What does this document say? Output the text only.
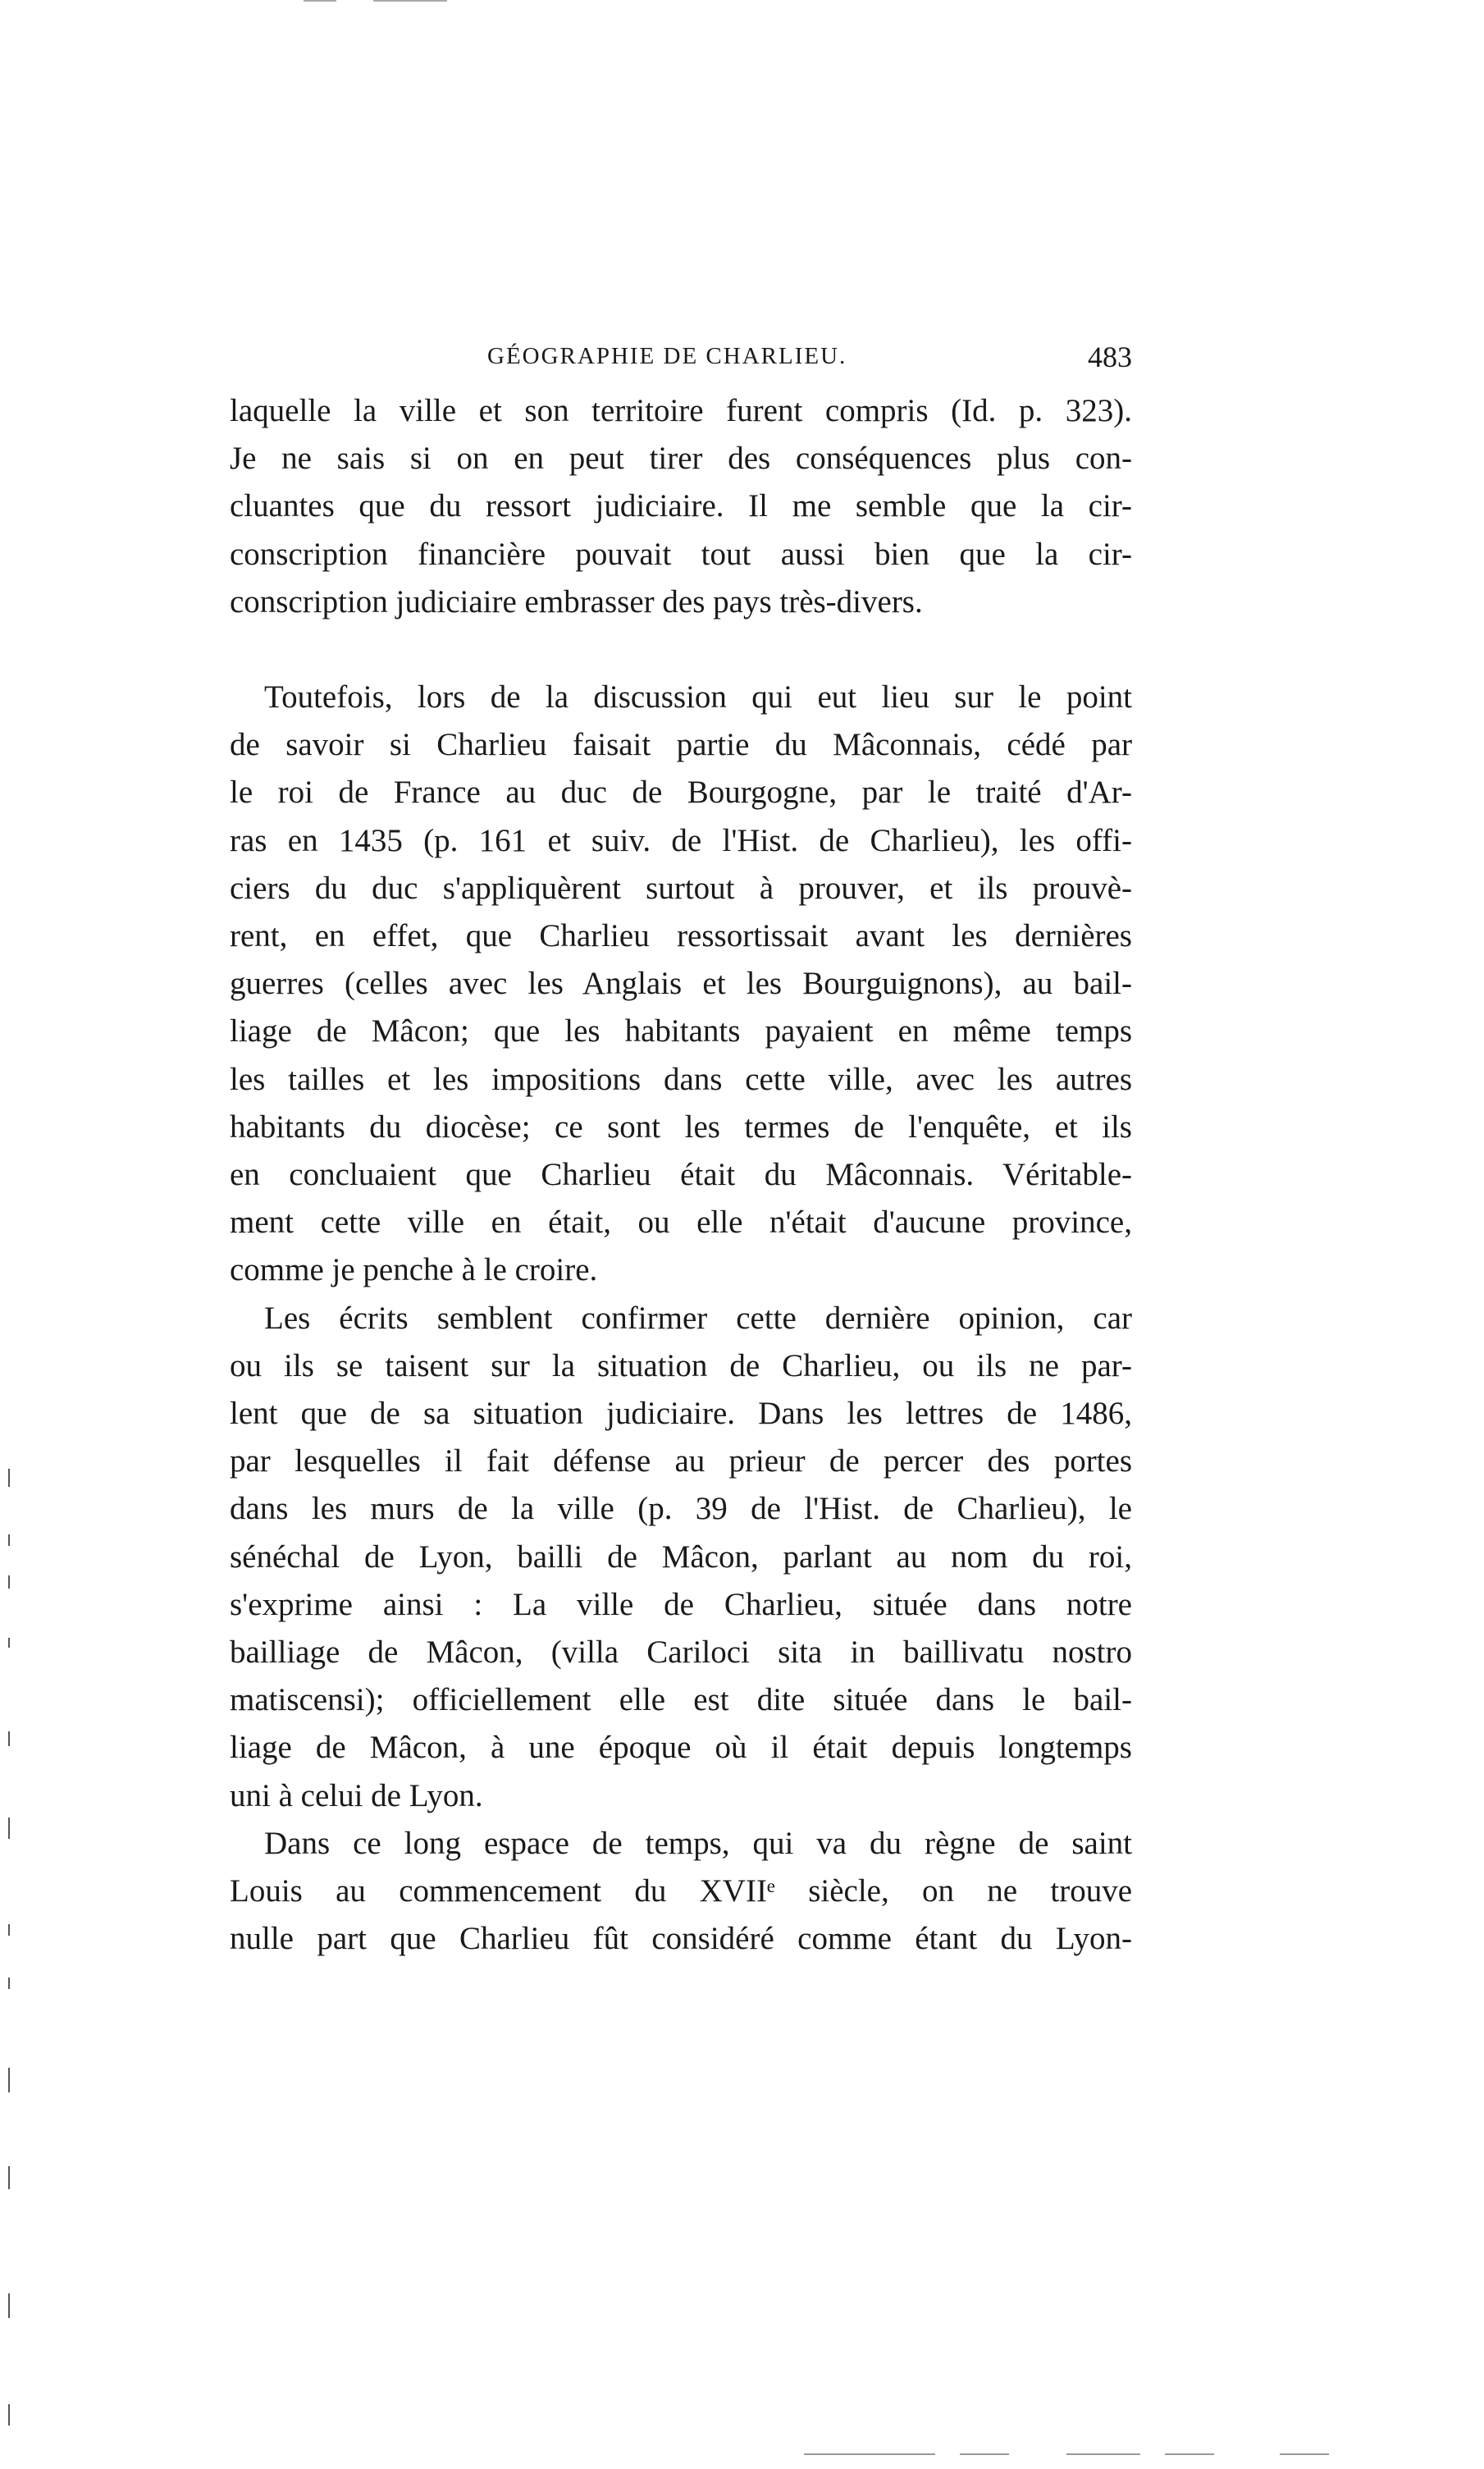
GÉOGRAPHIE DE CHARLIEU.	483

laquelle la ville et son territoire furent compris (Id. p. 323).
Je ne sais si on en peut tirer des conséquences plus con-
cluantes que du ressort judiciaire. Il me semble que la cir-
conscription financière pouvait tout aussi bien que la cir-
conscription judiciaire embrasser des pays très-divers.

Toutefois, lors de la discussion qui eut lieu sur le point
de savoir si Charlieu faisait partie du Mâconnais, cédé par
le roi de France au duc de Bourgogne, par le traité d'Ar-
ras en 1435 (p. 161 et suiv. de l'Hist. de Charlieu), les offi-
ciers du duc s'appliquèrent surtout à prouver, et ils prouvè-
rent, en effet, que Charlieu ressortissait avant les dernières
guerres (celles avec les Anglais et les Bourguignons), au bail-
liage de Mâcon; que les habitants payaient en même temps
les tailles et les impositions dans cette ville, avec les autres
habitants du diocèse; ce sont les termes de l'enquête, et ils
en concluaient que Charlieu était du Mâconnais. Véritable-
ment cette ville en était, ou elle n'était d'aucune province,
comme je penche à le croire.

Les écrits semblent confirmer cette dernière opinion, car
ou ils se taisent sur la situation de Charlieu, ou ils ne par-
lent que de sa situation judiciaire. Dans les lettres de 1486,
par lesquelles il fait défense au prieur de percer des portes
dans les murs de la ville (p. 39 de l'Hist. de Charlieu), le
sénéchal de Lyon, bailli de Mâcon, parlant au nom du roi,
s'exprime ainsi : La ville de Charlieu, située dans notre
bailliage de Mâcon, (villa Cariloci sita in baillivatu nostro
matiscensi); officiellement elle est dite située dans le bail-
liage de Mâcon, à une époque où il était depuis longtemps
uni à celui de Lyon.

Dans ce long espace de temps, qui va du règne de saint
Louis au commencement du XVIIᵉ siècle, on ne trouve
nulle part que Charlieu fût considéré comme étant du Lyon-
